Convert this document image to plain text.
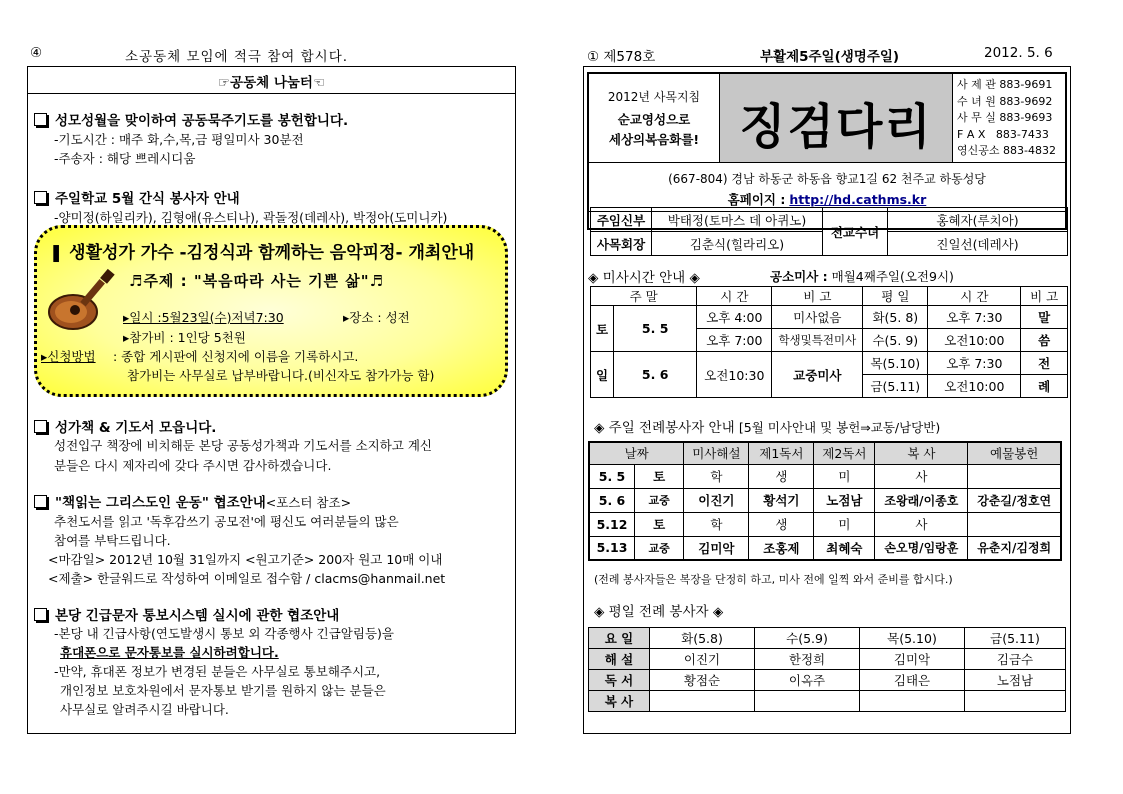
④	소공동체 모임에 적극 참여 합시다.
☞공동체 나눔터☜
성모성월을 맞이하여 공동묵주기도를 봉헌합니다.
-기도시간 : 매주 화,수,목,금 평일미사 30분전
-주송자 : 해당 쁘레시디움
주일학교 5월 간식 봉사자 안내
-양미정(하일리카), 김형애(유스티나), 곽돌정(데레사), 박정아(도미니카)
❚ 생활성가 가수 -김정식과 함께하는 음악피정- 개최안내
♬주제 : "복음따라 사는 기쁜 삶"♬
▸일시 :5월23일(수)저녁7:30	▸장소 : 성전
▸참가비 : 1인당 5천원
▸신청방법 : 종합 게시판에 신청지에 이름을 기록하시고.
참가비는 사무실로 납부바랍니다.(비신자도 참가가능 함)
성가책 & 기도서 모읍니다.
성전입구 책장에 비치해둔 본당 공동성가책과 기도서를 소지하고 계신
분들은 다시 제자리에 갖다 주시면 감사하겠습니다.
"책읽는 그리스도인 운동" 협조안내<포스터 참조>
추천도서를 읽고 '독후감쓰기 공모전'에 평신도 여러분들의 많은
참여를 부탁드립니다.
<마감일> 2012년 10월 31일까지 <원고기준> 200자 원고 10매 이내
<제출> 한글워드로 작성하여 이메일로 접수함 / clacms@hanmail.net
본당 긴급문자 통보시스템 실시에 관한 협조안내
-본당 내 긴급사항(연도발생시 통보 외 각종행사 긴급알림등)을
휴대폰으로 문자통보를 실시하려합니다.
-만약, 휴대폰 정보가 변경된 분들은 사무실로 통보해주시고,
개인정보 보호차원에서 문자통보 받기를 원하지 않는 분들은
사무실로 알려주시길 바랍니다.
① 제578호	부활제5주일(생명주일)	2012. 5. 6
2012년 사목지침
순교영성으로
세상의복음화를! 징검다리
사 제 관 883-9691
수 녀 원 883-9692
사 무 실 883-9693
F A X 883-7433
영신공소 883-4832
(667-804) 경남 하동군 하동읍 향교1길 62 천주교 하동성당
홈페이지 : http://hd.cathms.kr
주임신부	박태정(토마스 데 아퀴노)	전교수녀	홍혜자(루치아)
사목회장	김춘식(힐라리오)		진일선(데레사)
◈ 미사시간 안내 ◈	공소미사 : 매월4째주일(오전9시)
주 말		시 간	비 고	평 일	시 간	비 고
토	5. 5	오후 4:00	미사없음	화(5. 8)	오후 7:30	말
		오후 7:00	학생및특전미사	수(5. 9)	오전10:00	씀
일	5. 6	오전10:30	교중미사	목(5.10)	오후 7:30	전
				금(5.11)	오전10:00	례
◈ 주일 전례봉사자 안내 [5월 미사안내 및 봉헌⇒교동/남당반)
날짜		미사해설	제1독서	제2독서	복 사	예물봉헌
5. 5	토	학	생	미	사	
5. 6	교중	이진기	황석기	노점남	조왕래/이종호	강춘길/정호연
5.12	토	학	생	미	사	
5.13	교중	김미악	조홍제	최혜숙	손오명/임랑훈	유춘지/김정희
(전례 봉사자들은 복장을 단정히 하고, 미사 전에 일찍 와서 준비를 합시다.)
◈ 평일 전례 봉사자 ◈
요 일	화(5.8)	수(5.9)	목(5.10)	금(5.11)
해 설	이진기	한정희	김미악	김금수
독 서	황점순	이옥주	김태은	노점남
복 사				
